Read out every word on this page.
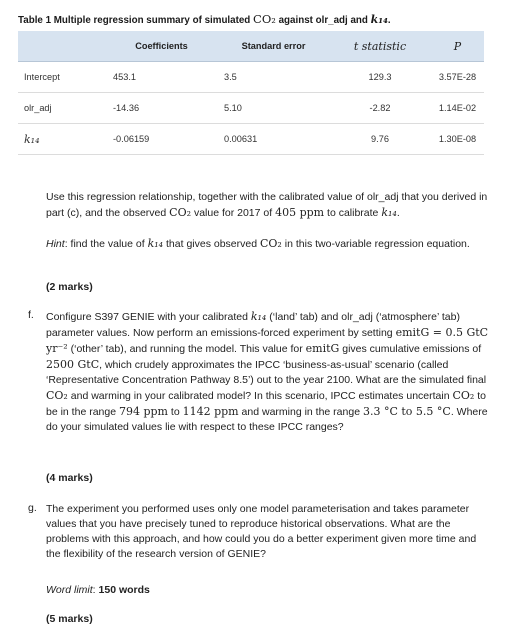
Table 1 Multiple regression summary of simulated CO₂ against olr_adj and k₁₄.
	Coefficients	Standard error	t statistic	P
Intercept	453.1	3.5	129.3	3.57E-28
olr_adj	-14.36	5.10	-2.82	1.14E-02
k₁₄	-0.06159	0.00631	9.76	1.30E-08
Use this regression relationship, together with the calibrated value of olr_adj that you derived in part (c), and the observed CO₂ value for 2017 of 405 ppm to calibrate k₁₄.
Hint: find the value of k₁₄ that gives observed CO₂ in this two-variable regression equation.
(2 marks)
f. Configure S397 GENIE with your calibrated k₁₄ (‘land’ tab) and olr_adj (‘atmosphere’ tab) parameter values. Now perform an emissions-forced experiment by setting emitG = 0.5 GtC yr⁻² (‘other’ tab), and running the model. This value for emitG gives cumulative emissions of 2500 GtC, which crudely approximates the IPCC ‘business-as-usual’ scenario (called ‘Representative Concentration Pathway 8.5’) out to the year 2100. What are the simulated final CO₂ and warming in your calibrated model? In this scenario, IPCC estimates uncertain CO₂ to be in the range 794 ppm to 1142 ppm and warming in the range 3.3 °C to 5.5 °C. Where do your simulated values lie with respect to these IPCC ranges?
(4 marks)
g. The experiment you performed uses only one model parameterisation and takes parameter values that you have precisely tuned to reproduce historical observations. What are the problems with this approach, and how could you do a better experiment given more time and the flexibility of the research version of GENIE?
Word limit: 150 words
(5 marks)
